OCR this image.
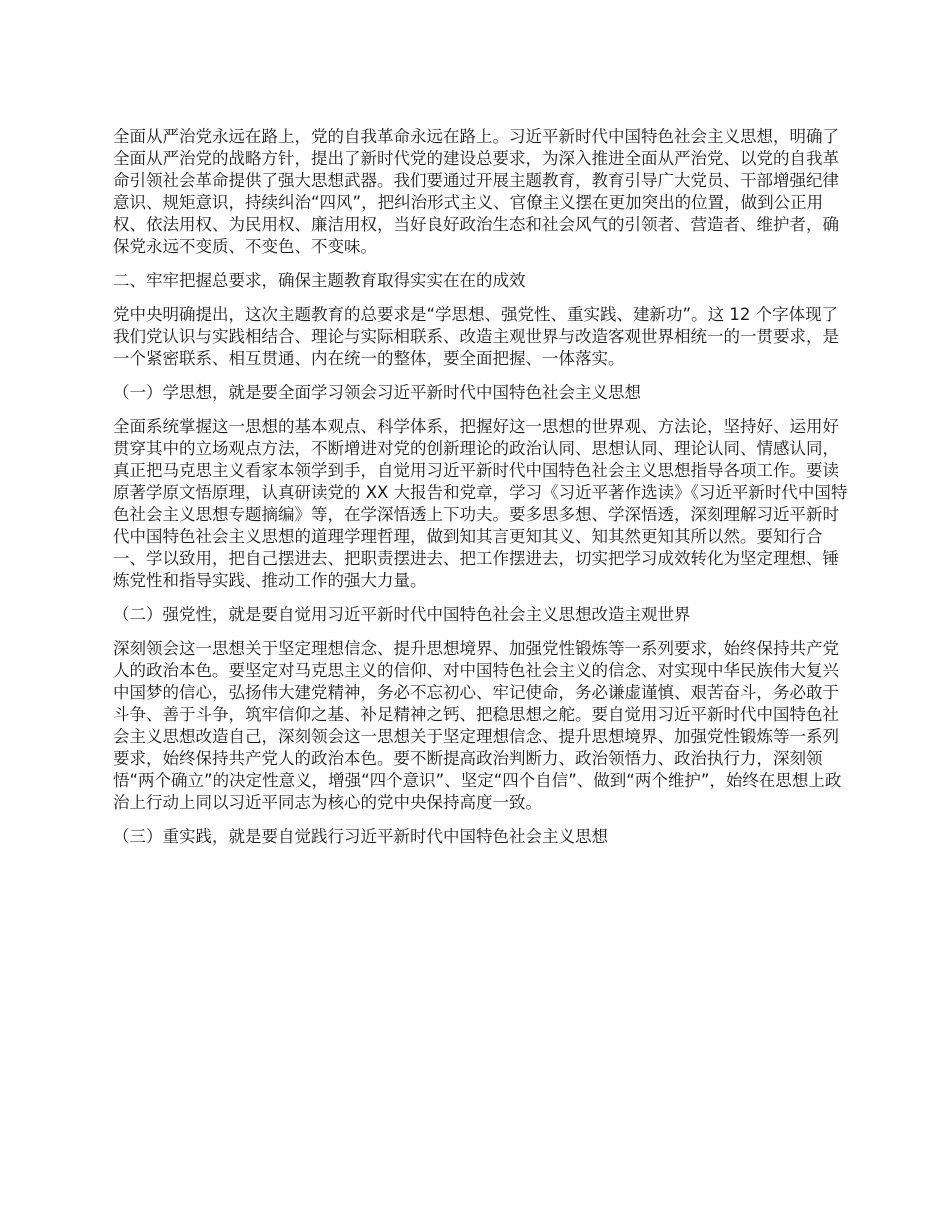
全面从严治党永远在路上，党的自我革命永远在路上。习近平新时代中国特色社会主义思想，明确了全面从严治党的战略方针，提出了新时代党的建设总要求，为深入推进全面从严治党、以党的自我革命引领社会革命提供了强大思想武器。我们要通过开展主题教育，教育引导广大党员、干部增强纪律意识、规矩意识，持续纠治“四风”，把纠治形式主义、官僚主义摆在更加突出的位置，做到公正用权、依法用权、为民用权、廉洁用权，当好良好政治生态和社会风气的引领者、营造者、维护者，确保党永远不变质、不变色、不变味。

二、牢牢把握总要求，确保主题教育取得实实在在的成效

党中央明确提出，这次主题教育的总要求是“学思想、强党性、重实践、建新功”。这 12 个字体现了我们党认识与实践相结合、理论与实际相联系、改造主观世界与改造客观世界相统一的一贯要求，是一个紧密联系、相互贯通、内在统一的整体，要全面把握、一体落实。

（一）学思想，就是要全面学习领会习近平新时代中国特色社会主义思想

全面系统掌握这一思想的基本观点、科学体系，把握好这一思想的世界观、方法论，坚持好、运用好贯穿其中的立场观点方法，不断增进对党的创新理论的政治认同、思想认同、理论认同、情感认同，真正把马克思主义看家本领学到手，自觉用习近平新时代中国特色社会主义思想指导各项工作。要读原著学原文悟原理，认真研读党的 XX 大报告和党章，学习《习近平著作选读》《习近平新时代中国特色社会主义思想专题摘编》等，在学深悟透上下功夫。要多思多想、学深悟透，深刻理解习近平新时代中国特色社会主义思想的道理学理哲理，做到知其言更知其义、知其然更知其所以然。要知行合一、学以致用，把自己摆进去、把职责摆进去、把工作摆进去，切实把学习成效转化为坚定理想、锤炼党性和指导实践、推动工作的强大力量。

（二）强党性，就是要自觉用习近平新时代中国特色社会主义思想改造主观世界

深刻领会这一思想关于坚定理想信念、提升思想境界、加强党性锻炼等一系列要求，始终保持共产党人的政治本色。要坚定对马克思主义的信仰、对中国特色社会主义的信念、对实现中华民族伟大复兴中国梦的信心，弘扬伟大建党精神，务必不忘初心、牢记使命，务必谦虚谨慎、艰苦奋斗，务必敢于斗争、善于斗争，筑牢信仰之基、补足精神之钙、把稳思想之舵。要自觉用习近平新时代中国特色社会主义思想改造自己，深刻领会这一思想关于坚定理想信念、提升思想境界、加强党性锻炼等一系列要求，始终保持共产党人的政治本色。要不断提高政治判断力、政治领悟力、政治执行力，深刻领悟“两个确立”的决定性意义，增强“四个意识”、坚定“四个自信”、做到“两个维护”，始终在思想上政治上行动上同以习近平同志为核心的党中央保持高度一致。

（三）重实践，就是要自觉践行习近平新时代中国特色社会主义思想
